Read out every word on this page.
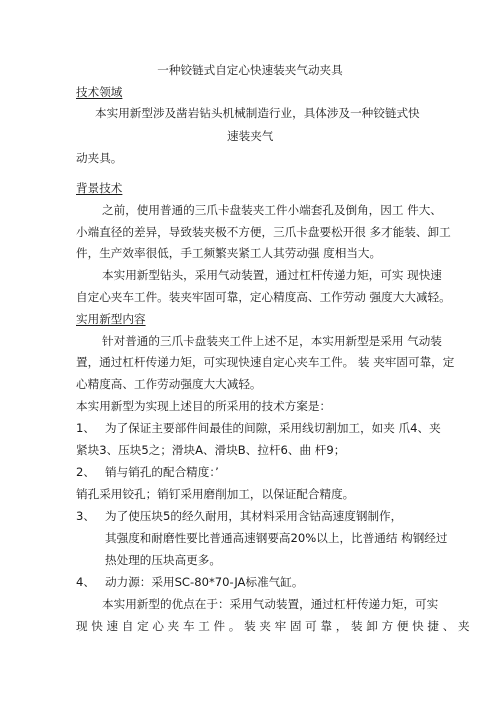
一种铰链式自定心快速装夹气动夹具
技术领域
本实用新型涉及凿岩钻头机械制造行业，具体涉及一种铰链式快
速装夹气
动夹具。
背景技术
之前，使用普通的三爪卡盘装夹工件小端套孔及倒角，因工 件大、
小端直径的差异，导致装夹极不方便，三爪卡盘要松开很 多才能装、卸工
件，生产效率很低，手工频繁夹紧工人其劳动强 度相当大。
本实用新型钻头，采用气动装置，通过杠杆传递力矩，可实 现快速
自定心夹车工件。装夹牢固可靠，定心精度高、工作劳动 强度大大减轻。
实用新型内容
针对普通的三爪卡盘装夹工件上述不足，本实用新型是采用 气动装
置，通过杠杆传递力矩，可实现快速自定心夹车工件。 装 夹牢固可靠，定
心精度高、工作劳动强度大大减轻。
本实用新型为实现上述目的所采用的技术方案是：
1、 为了保证主要部件间最佳的间隙，采用线切割加工，如夹 爪4、夹
紧块3、压块5之；滑块A、滑块B、拉杆6、曲 杆9；
2、 销与销孔的配合精度：’
销孔采用铰孔；销钉采用磨削加工，以保证配合精度。
3、 为了使压块5的经久耐用，其材料采用含钴高速度钢制作，
其强度和耐磨性要比普通高速钢要高20%以上，比普通结 构钢经过
热处理的压块高更多。
4、 动力源：采用SC-80*70-JA标准气缸。
本实用新型的优点在于：采用气动装置，通过杠杆传递力矩，可实
现 快 速 自 定 心 夹 车 工 件 。 装 夹 牢 固 可 靠 ， 装 卸 方 便 快 捷 、 夹
